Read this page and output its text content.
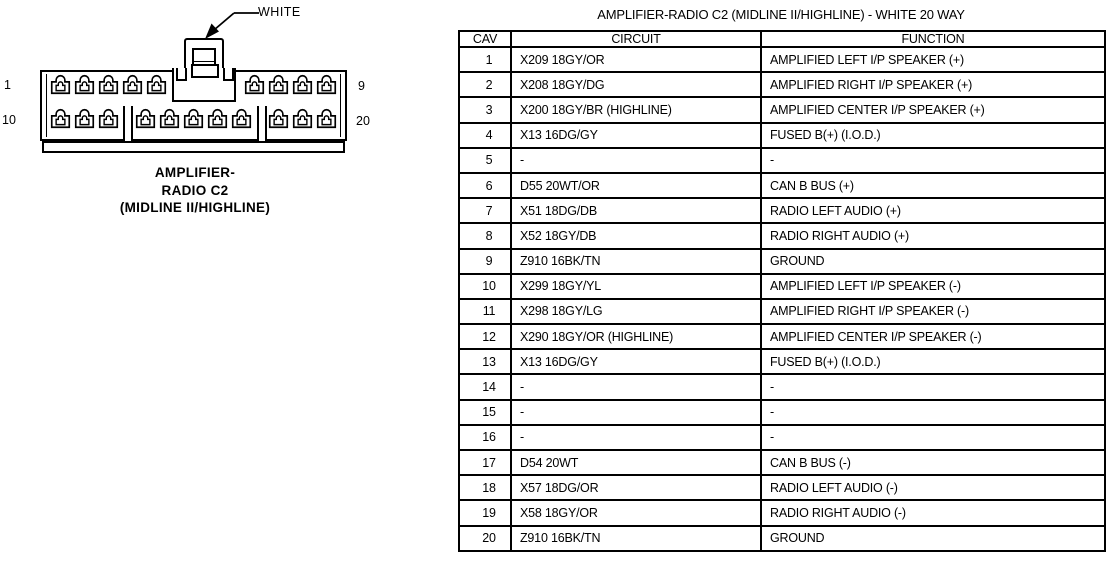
WHITE
1
10
9
20
AMPLIFIER-
RADIO C2
(MIDLINE II/HIGHLINE)
AMPLIFIER-RADIO C2 (MIDLINE II/HIGHLINE) - WHITE 20 WAY
CAV	CIRCUIT	FUNCTION
1	X209 18GY/OR	AMPLIFIED LEFT I/P SPEAKER (+)
2	X208 18GY/DG	AMPLIFIED RIGHT I/P SPEAKER (+)
3	X200 18GY/BR (HIGHLINE)	AMPLIFIED CENTER I/P SPEAKER (+)
4	X13 16DG/GY	FUSED B(+) (I.O.D.)
5	-	-
6	D55 20WT/OR	CAN B BUS (+)
7	X51 18DG/DB	RADIO LEFT AUDIO (+)
8	X52 18GY/DB	RADIO RIGHT AUDIO (+)
9	Z910 16BK/TN	GROUND
10	X299 18GY/YL	AMPLIFIED LEFT I/P SPEAKER (-)
11	X298 18GY/LG	AMPLIFIED RIGHT I/P SPEAKER (-)
12	X290 18GY/OR (HIGHLINE)	AMPLIFIED CENTER I/P SPEAKER (-)
13	X13 16DG/GY	FUSED B(+) (I.O.D.)
14	-	-
15	-	-
16	-	-
17	D54 20WT	CAN B BUS (-)
18	X57 18DG/OR	RADIO LEFT AUDIO (-)
19	X58 18GY/OR	RADIO RIGHT AUDIO (-)
20	Z910 16BK/TN	GROUND
